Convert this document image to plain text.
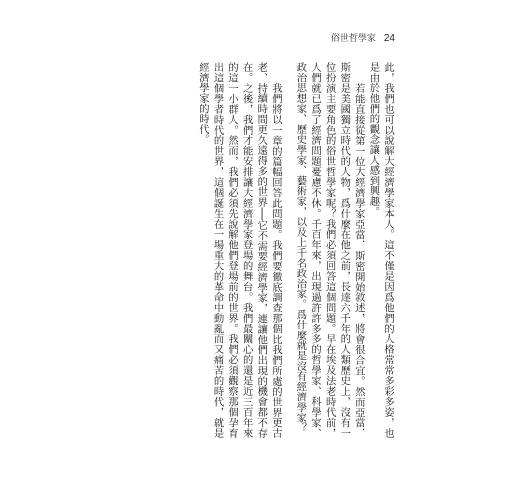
俗世哲學家 24

此，我們也可以說解大經濟學家本人。這不僅是因爲他們的人格常常多彩多姿，也是由於他們的觀念讓人感到興趣。

若能直接從第一位大經濟學家亞當．斯密開始敘述，將會很合宜。然而亞當．斯密是美國獨立時代的人物，爲什麼在他之前，長達六千年的人類歷史上，沒有一位扮演主要角色的俗世哲學家呢？我們必須回答這個問題。早在埃及法老時代前，人們就已爲了經濟問題憂慮不休。千百年來，出現過許許多多的哲學家、科學家、政治思想家、歷史學家、藝術家，以及上千名政治家。爲什麼就是沒有經濟學家？

我們將以一章的篇幅回答此問題。我們要徹底調查那個比我們所處的世界更古老、持續時間更久遠得多的世界──它不需要經濟學家，連讓他們出現的機會都不存在。之後，我們才能安排讓大經濟學家登場的舞台。我們最關心的還是近三百年來的這一小群人。然而，我們必須先說解他們登場前的世界。我們必須觀察那個孕育出這個學者時代的世界，這個誕生在一場重大的革命中動亂而又痛苦的時代，就是經濟學家的時代。
